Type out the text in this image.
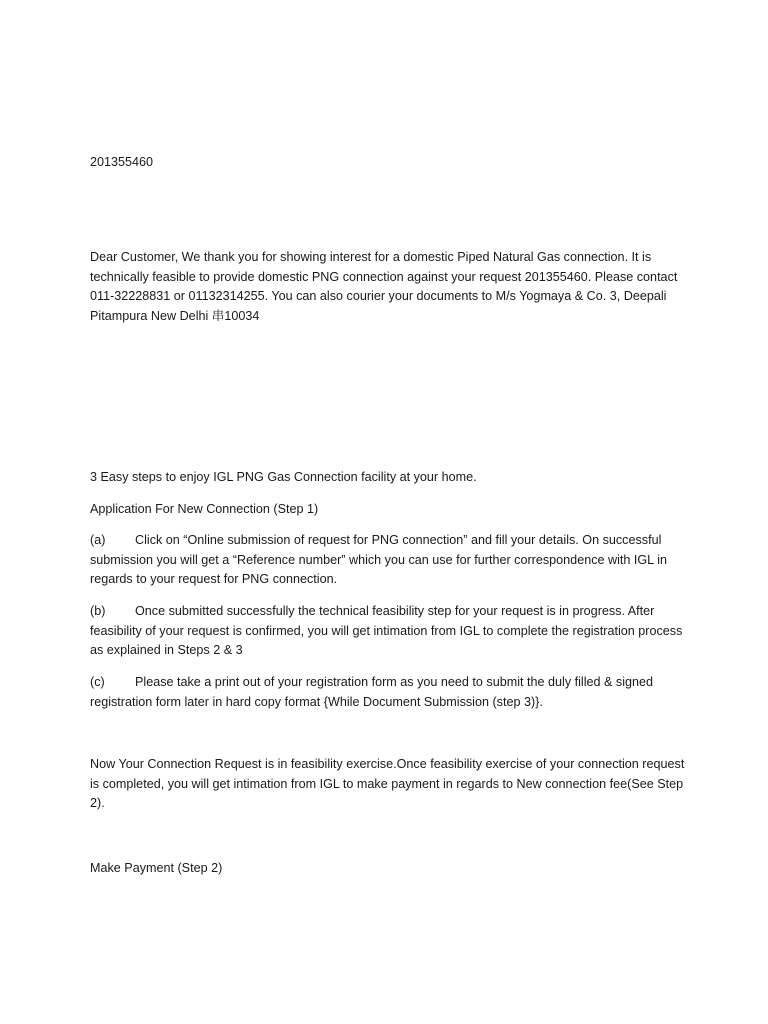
201355460

Dear Customer, We thank you for showing interest for a domestic Piped Natural Gas connection. It is technically feasible to provide domestic PNG connection against your request 201355460. Please contact 011-32228831 or 01132314255. You can also courier your documents to M/s Yogmaya & Co. 3, Deepali Pitampura New Delhi 串10034

3 Easy steps to enjoy IGL PNG Gas Connection facility at your home.

Application For New Connection (Step 1)

(a) Click on “Online submission of request for PNG connection” and fill your details. On successful submission you will get a “Reference number” which you can use for further correspondence with IGL in regards to your request for PNG connection.

(b) Once submitted successfully the technical feasibility step for your request is in progress. After feasibility of your request is confirmed, you will get intimation from IGL to complete the registration process as explained in Steps 2 & 3

(c) Please take a print out of your registration form as you need to submit the duly filled & signed registration form later in hard copy format {While Document Submission (step 3)}.

Now Your Connection Request is in feasibility exercise.Once feasibility exercise of your connection request is completed, you will get intimation from IGL to make payment in regards to New connection fee(See Step 2).

Make Payment (Step 2)
